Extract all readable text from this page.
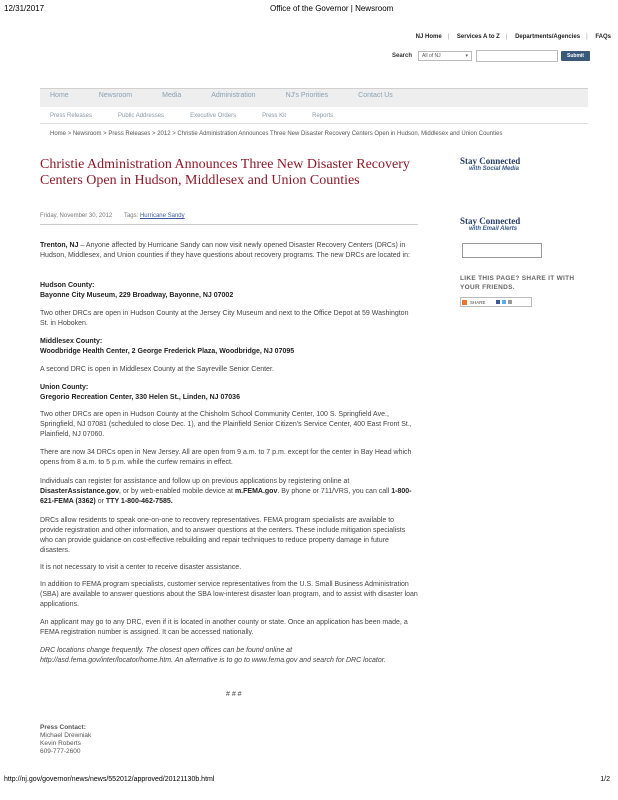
12/31/2017	Office of the Governor | Newsroom
NJ Home | Services A to Z | Departments/Agencies | FAQs
Search All of NJ	▾	Submit
Home	Newsroom	Media	Administration	NJ's Priorities	Contact Us
Press Releases	Public Addresses	Executive Orders	Press Kit	Reports
Home > Newsroom > Press Releases > 2012 > Christie Administration Announces Three New Disaster Recovery Centers Open in Hudson, Middlesex and Union Counties
Christie Administration Announces Three New Disaster Recovery Centers Open in Hudson, Middlesex and Union Counties
Friday, November 30, 2012 Tags: Hurricane Sandy
Trenton, NJ – Anyone affected by Hurricane Sandy can now visit newly opened Disaster Recovery Centers (DRCs) in Hudson, Middlesex, and Union counties if they have questions about recovery programs. The new DRCs are located in:
Hudson County:
Bayonne City Museum, 229 Broadway, Bayonne, NJ 07002
Two other DRCs are open in Hudson County at the Jersey City Museum and next to the Office Depot at 59 Washington St. in Hoboken.
Middlesex County:
Woodbridge Health Center, 2 George Frederick Plaza, Woodbridge, NJ 07095
A second DRC is open in Middlesex County at the Sayreville Senior Center.
Union County:
Gregorio Recreation Center, 330 Helen St., Linden, NJ 07036
Two other DRCs are open in Hudson County at the Chisholm School Community Center, 100 S. Springfield Ave., Springfield, NJ 07081 (scheduled to close Dec. 1), and the Plainfield Senior Citizen's Service Center, 400 East Front St., Plainfield, NJ 07060.
There are now 34 DRCs open in New Jersey. All are open from 9 a.m. to 7 p.m. except for the center in Bay Head which opens from 8 a.m. to 5 p.m. while the curfew remains in effect.
Individuals can register for assistance and follow up on previous applications by registering online at DisasterAssistance.gov, or by web-enabled mobile device at m.FEMA.gov. By phone or 711/VRS, you can call 1-800-621-FEMA (3362) or TTY 1-800-462-7585.
DRCs allow residents to speak one-on-one to recovery representatives. FEMA program specialists are available to provide registration and other information, and to answer questions at the centers. These include mitigation specialists who can provide guidance on cost-effective rebuilding and repair techniques to reduce property damage in future disasters.
It is not necessary to visit a center to receive disaster assistance.
In addition to FEMA program specialists, customer service representatives from the U.S. Small Business Administration (SBA) are available to answer questions about the SBA low-interest disaster loan program, and to assist with disaster loan applications.
An applicant may go to any DRC, even if it is located in another county or state. Once an application has been made, a FEMA registration number is assigned. It can be accessed nationally.
DRC locations change frequently. The closest open offices can be found online at http://asd.fema.gov/inter/locator/home.htm. An alternative is to go to www.fema.gov and search for DRC locator.
# # #
Press Contact:
Michael Drewniak
Kevin Roberts
609-777-2600
Stay Connected
with Social Media
Stay Connected
with Email Alerts
LIKE THIS PAGE? SHARE IT WITH YOUR FRIENDS.
SHARE
http://nj.gov/governor/news/news/552012/approved/20121130b.html	1/2
